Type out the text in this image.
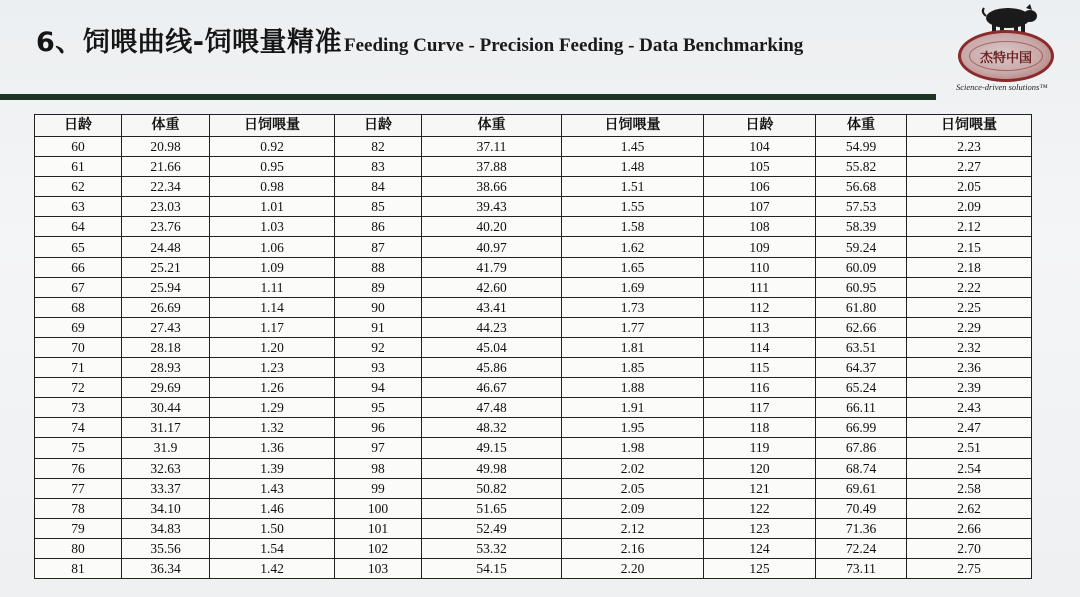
6、饲喂曲线-饲喂量精准 Feeding Curve - Precision Feeding - Data Benchmarking
杰特中国
Science-driven solutions™
日龄	体重	日饲喂量	日龄	体重	日饲喂量	日龄	体重	日饲喂量
60	20.98	0.92	82	37.11	1.45	104	54.99	2.23
61	21.66	0.95	83	37.88	1.48	105	55.82	2.27
62	22.34	0.98	84	38.66	1.51	106	56.68	2.05
63	23.03	1.01	85	39.43	1.55	107	57.53	2.09
64	23.76	1.03	86	40.20	1.58	108	58.39	2.12
65	24.48	1.06	87	40.97	1.62	109	59.24	2.15
66	25.21	1.09	88	41.79	1.65	110	60.09	2.18
67	25.94	1.11	89	42.60	1.69	111	60.95	2.22
68	26.69	1.14	90	43.41	1.73	112	61.80	2.25
69	27.43	1.17	91	44.23	1.77	113	62.66	2.29
70	28.18	1.20	92	45.04	1.81	114	63.51	2.32
71	28.93	1.23	93	45.86	1.85	115	64.37	2.36
72	29.69	1.26	94	46.67	1.88	116	65.24	2.39
73	30.44	1.29	95	47.48	1.91	117	66.11	2.43
74	31.17	1.32	96	48.32	1.95	118	66.99	2.47
75	31.9	1.36	97	49.15	1.98	119	67.86	2.51
76	32.63	1.39	98	49.98	2.02	120	68.74	2.54
77	33.37	1.43	99	50.82	2.05	121	69.61	2.58
78	34.10	1.46	100	51.65	2.09	122	70.49	2.62
79	34.83	1.50	101	52.49	2.12	123	71.36	2.66
80	35.56	1.54	102	53.32	2.16	124	72.24	2.70
81	36.34	1.42	103	54.15	2.20	125	73.11	2.75
